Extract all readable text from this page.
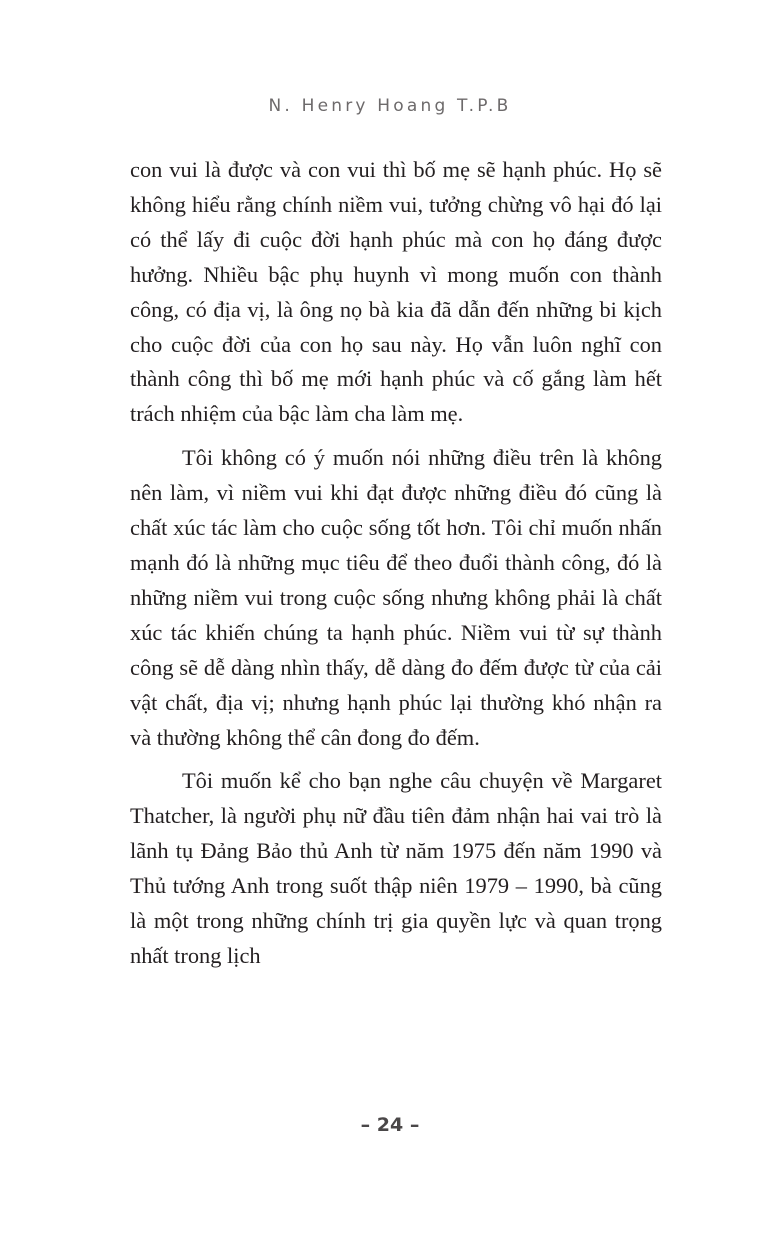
N. Henry Hoang T.P.B

con vui là được và con vui thì bố mẹ sẽ hạnh phúc. Họ sẽ không hiểu rằng chính niềm vui, tưởng chừng vô hại đó lại có thể lấy đi cuộc đời hạnh phúc mà con họ đáng được hưởng. Nhiều bậc phụ huynh vì mong muốn con thành công, có địa vị, là ông nọ bà kia đã dẫn đến những bi kịch cho cuộc đời của con họ sau này. Họ vẫn luôn nghĩ con thành công thì bố mẹ mới hạnh phúc và cố gắng làm hết trách nhiệm của bậc làm cha làm mẹ.

Tôi không có ý muốn nói những điều trên là không nên làm, vì niềm vui khi đạt được những điều đó cũng là chất xúc tác làm cho cuộc sống tốt hơn. Tôi chỉ muốn nhấn mạnh đó là những mục tiêu để theo đuổi thành công, đó là những niềm vui trong cuộc sống nhưng không phải là chất xúc tác khiến chúng ta hạnh phúc. Niềm vui từ sự thành công sẽ dễ dàng nhìn thấy, dễ dàng đo đếm được từ của cải vật chất, địa vị; nhưng hạnh phúc lại thường khó nhận ra và thường không thể cân đong đo đếm.

Tôi muốn kể cho bạn nghe câu chuyện về Margaret Thatcher, là người phụ nữ đầu tiên đảm nhận hai vai trò là lãnh tụ Đảng Bảo thủ Anh từ năm 1975 đến năm 1990 và Thủ tướng Anh trong suốt thập niên 1979 – 1990, bà cũng là một trong những chính trị gia quyền lực và quan trọng nhất trong lịch

– 24 –
